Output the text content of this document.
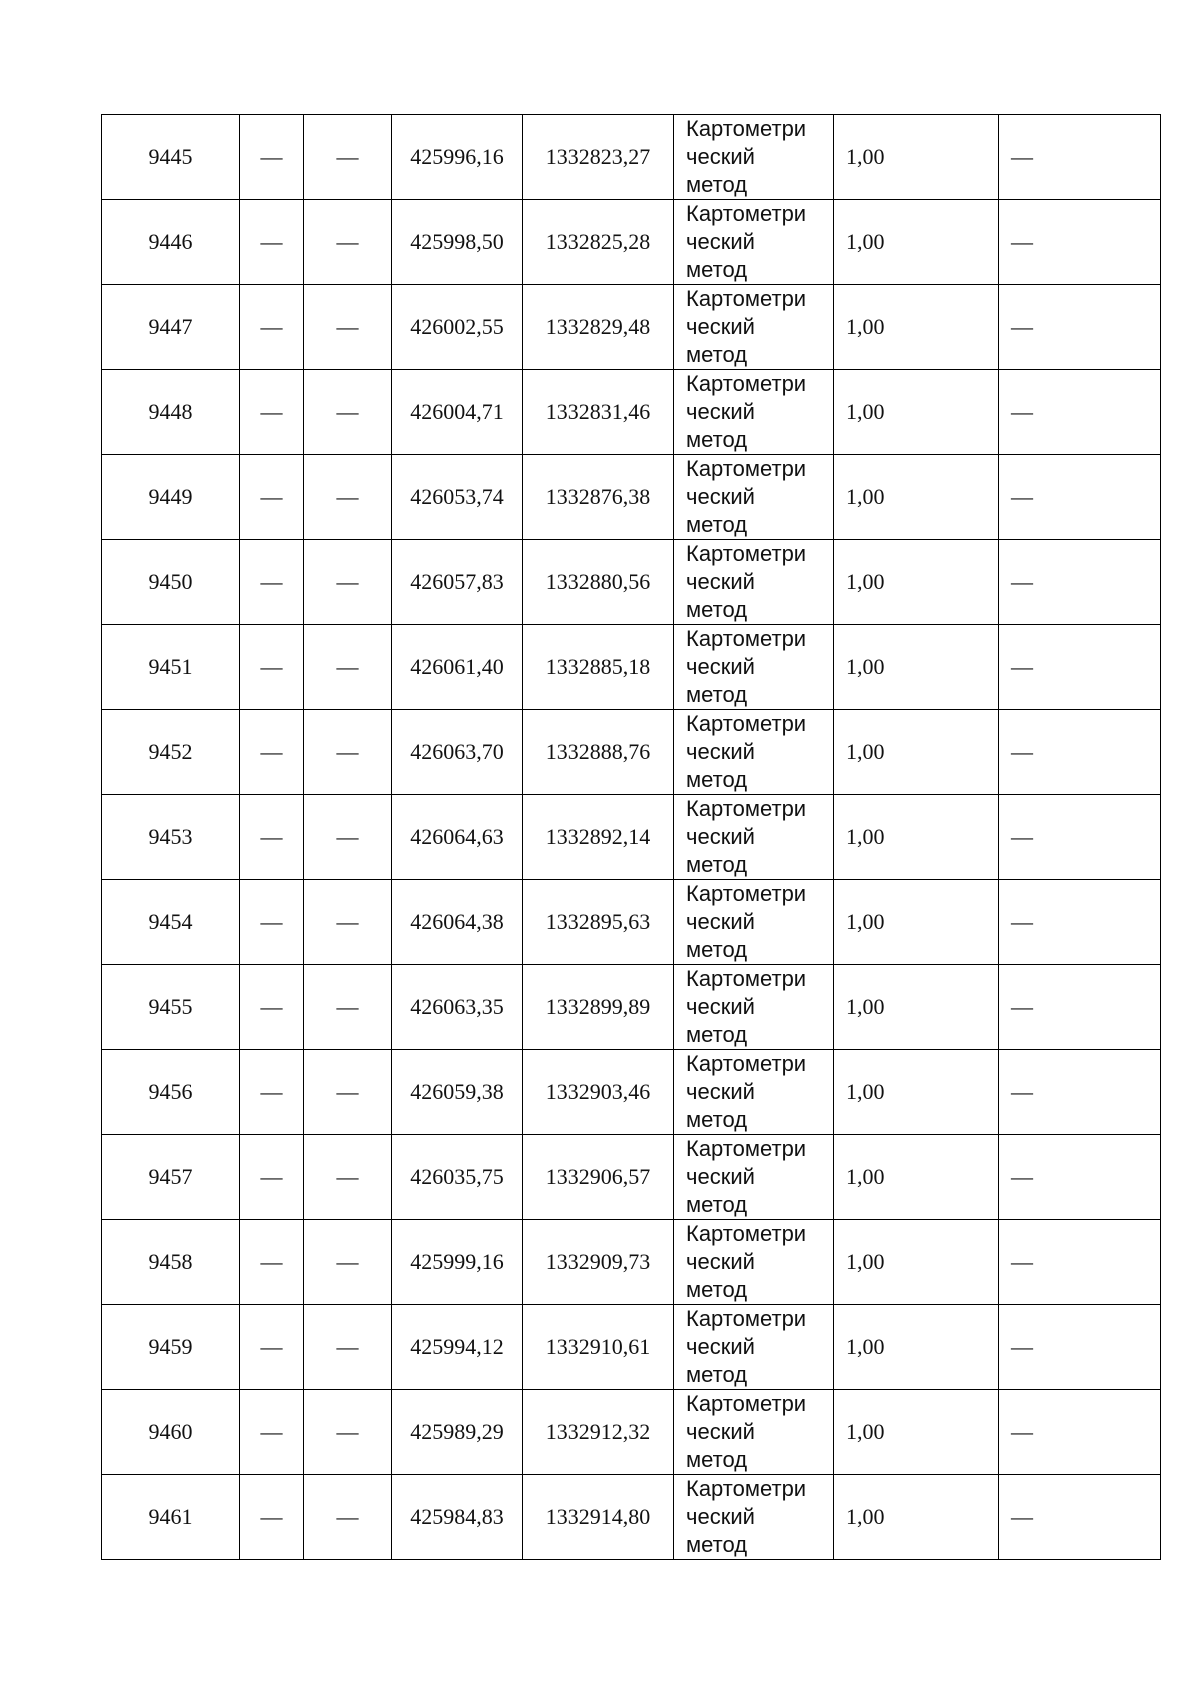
9445	—	—	425996,16	1332823,27	Картометри
ческий
метод	1,00	—
9446	—	—	425998,50	1332825,28	Картометри
ческий
метод	1,00	—
9447	—	—	426002,55	1332829,48	Картометри
ческий
метод	1,00	—
9448	—	—	426004,71	1332831,46	Картометри
ческий
метод	1,00	—
9449	—	—	426053,74	1332876,38	Картометри
ческий
метод	1,00	—
9450	—	—	426057,83	1332880,56	Картометри
ческий
метод	1,00	—
9451	—	—	426061,40	1332885,18	Картометри
ческий
метод	1,00	—
9452	—	—	426063,70	1332888,76	Картометри
ческий
метод	1,00	—
9453	—	—	426064,63	1332892,14	Картометри
ческий
метод	1,00	—
9454	—	—	426064,38	1332895,63	Картометри
ческий
метод	1,00	—
9455	—	—	426063,35	1332899,89	Картометри
ческий
метод	1,00	—
9456	—	—	426059,38	1332903,46	Картометри
ческий
метод	1,00	—
9457	—	—	426035,75	1332906,57	Картометри
ческий
метод	1,00	—
9458	—	—	425999,16	1332909,73	Картометри
ческий
метод	1,00	—
9459	—	—	425994,12	1332910,61	Картометри
ческий
метод	1,00	—
9460	—	—	425989,29	1332912,32	Картометри
ческий
метод	1,00	—
9461	—	—	425984,83	1332914,80	Картометри
ческий
метод	1,00	—
